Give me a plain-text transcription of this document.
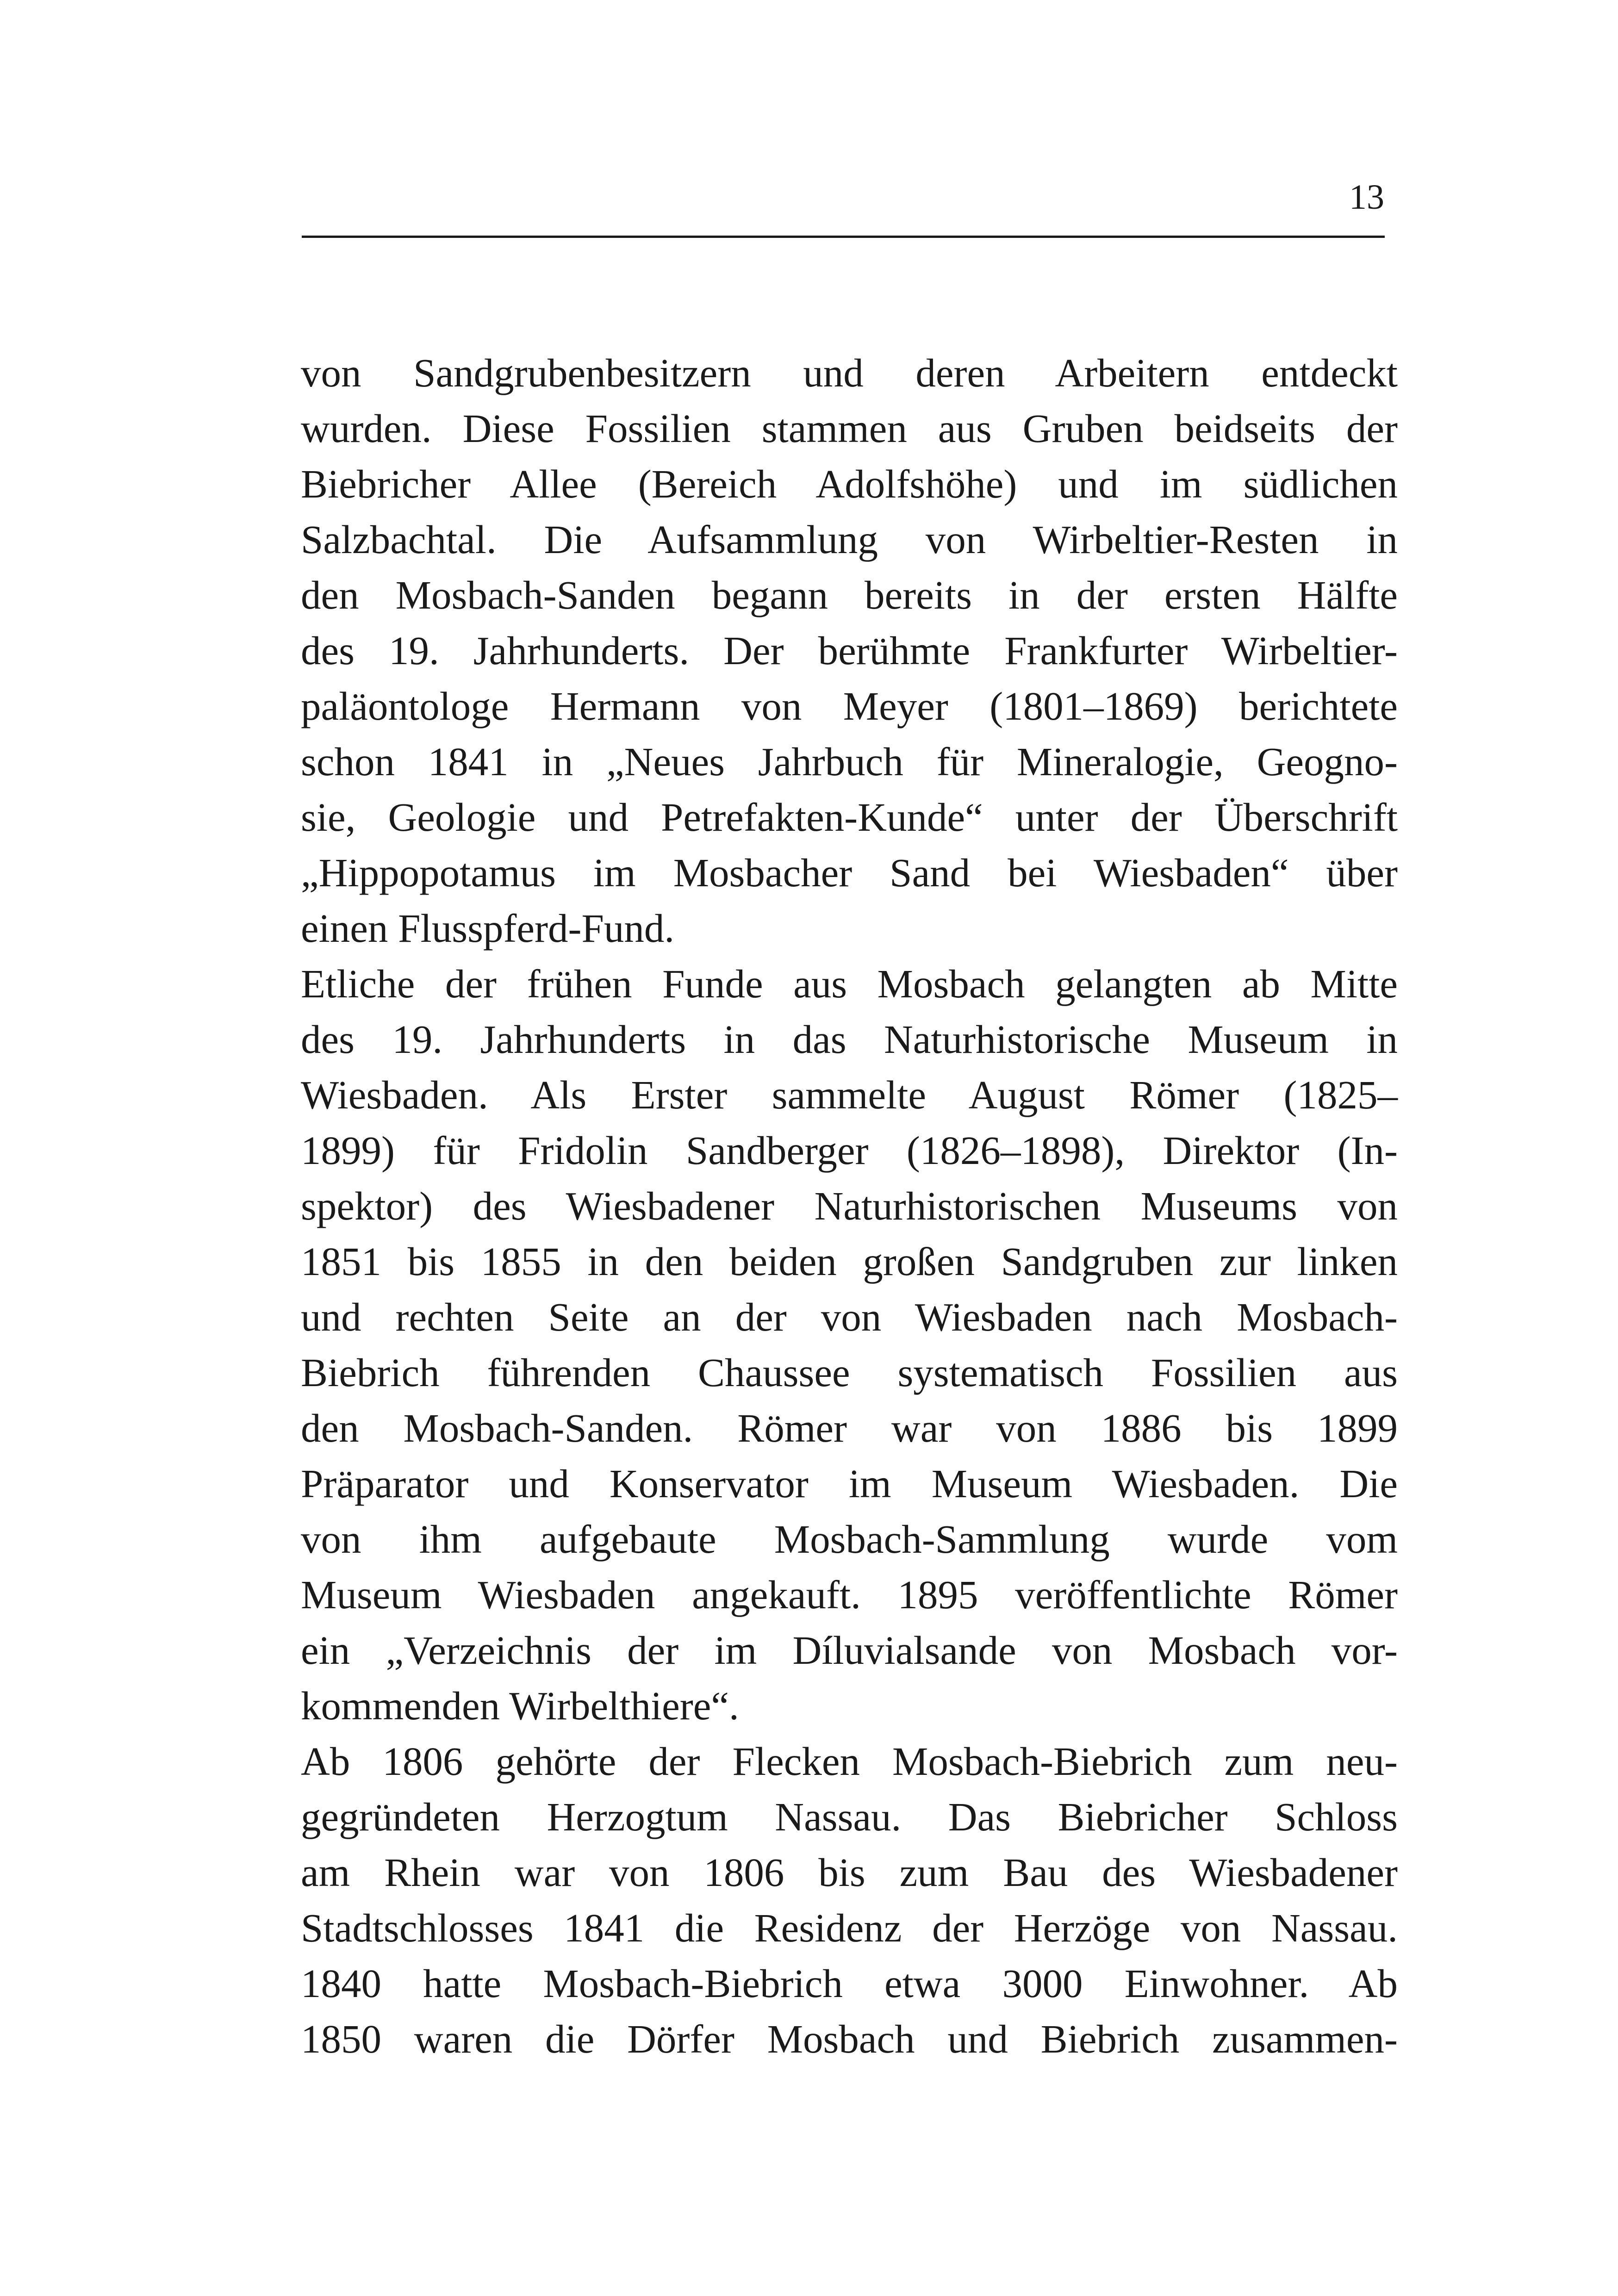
13
von Sandgrubenbesitzern und deren Arbeitern entdeckt
wurden. Diese Fossilien stammen aus Gruben beidseits der
Biebricher Allee (Bereich Adolfshöhe) und im südlichen
Salzbachtal. Die Aufsammlung von Wirbeltier-Resten in
den Mosbach-Sanden begann bereits in der ersten Hälfte
des 19. Jahrhunderts. Der berühmte Frankfurter Wirbeltier-
paläontologe Hermann von Meyer (1801–1869) berichtete
schon 1841 in „Neues Jahrbuch für Mineralogie, Geogno-
sie, Geologie und Petrefakten-Kunde“ unter der Überschrift
„Hippopotamus im Mosbacher Sand bei Wiesbaden“ über
einen Flusspferd-Fund.
Etliche der frühen Funde aus Mosbach gelangten ab Mitte
des 19. Jahrhunderts in das Naturhistorische Museum in
Wiesbaden. Als Erster sammelte August Römer (1825–
1899) für Fridolin Sandberger (1826–1898), Direktor (In-
spektor) des Wiesbadener Naturhistorischen Museums von
1851 bis 1855 in den beiden großen Sandgruben zur linken
und rechten Seite an der von Wiesbaden nach Mosbach-
Biebrich führenden Chaussee systematisch Fossilien aus
den Mosbach-Sanden. Römer war von 1886 bis 1899
Präparator und Konservator im Museum Wiesbaden. Die
von ihm aufgebaute Mosbach-Sammlung wurde vom
Museum Wiesbaden angekauft. 1895 veröffentlichte Römer
ein „Verzeichnis der im Díluvialsande von Mosbach vor-
kommenden Wirbelthiere“.
Ab 1806 gehörte der Flecken Mosbach-Biebrich zum neu-
gegründeten Herzogtum Nassau. Das Biebricher Schloss
am Rhein war von 1806 bis zum Bau des Wiesbadener
Stadtschlosses 1841 die Residenz der Herzöge von Nassau.
1840 hatte Mosbach-Biebrich etwa 3000 Einwohner. Ab
1850 waren die Dörfer Mosbach und Biebrich zusammen-
